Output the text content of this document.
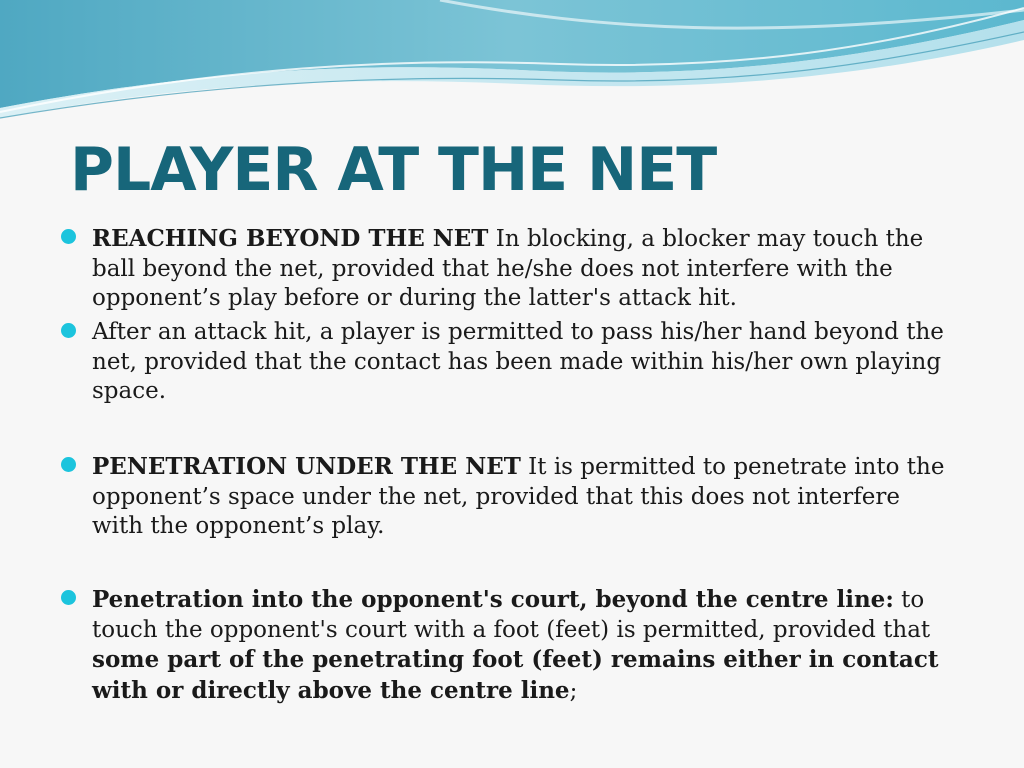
PLAYER AT THE NET
REACHING BEYOND THE NET In blocking, a blocker may touch the ball beyond the net, provided that he/she does not interfere with the opponent’s play before or during the latter's attack hit.
After an attack hit, a player is permitted to pass his/her hand beyond the net, provided that the contact has been made within his/her own playing space.
PENETRATION UNDER THE NET It is permitted to penetrate into the opponent’s space under the net, provided that this does not interfere with the opponent’s play.
Penetration into the opponent's court, beyond the centre line: to touch the opponent's court with a foot (feet) is permitted, provided that some part of the penetrating foot (feet) remains either in contact with or directly above the centre line;
